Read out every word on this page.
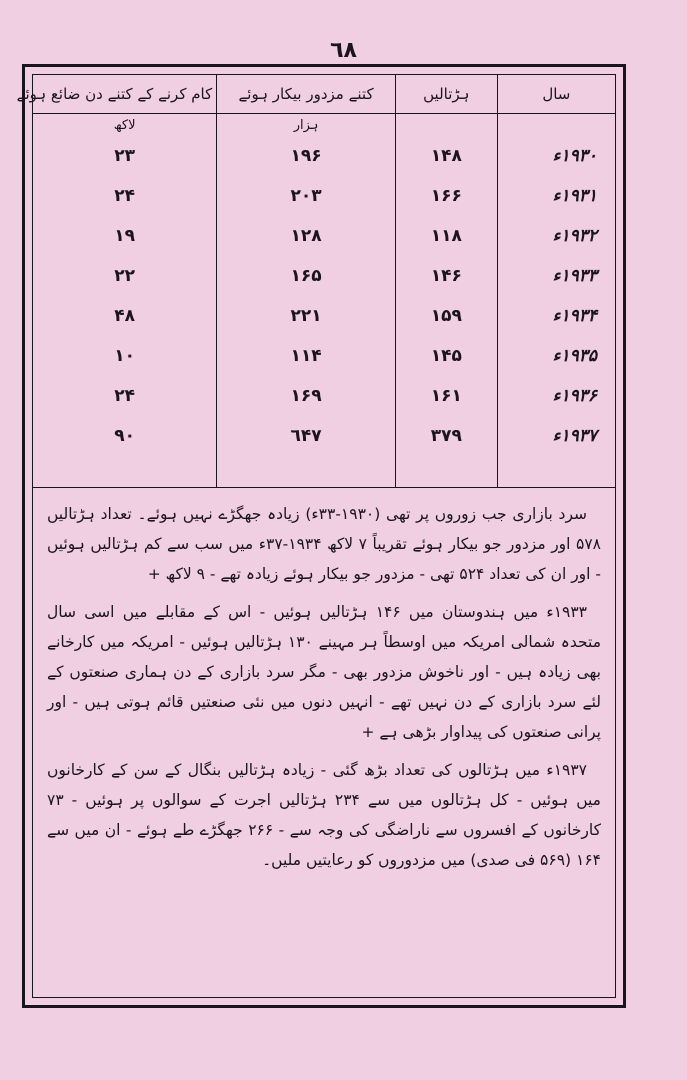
٦٨
سال	ہڑتالیں	کتنے مزدور بیکار ہوئے	کام کرنے کے کتنے دن ضائع ہوئے
		ہزار	لاکھ
۱۹۳۰ء	۱۴۸	۱۹۶	۲۳
۱۹۳۱ء	۱۶۶	۲۰۳	۲۴
۱۹۳۲ء	۱۱۸	۱۲۸	۱۹
۱۹۳۳ء	۱۴۶	۱۶۵	۲۲
۱۹۳۴ء	۱۵۹	۲۲۱	۴۸
۱۹۳۵ء	۱۴۵	۱۱۴	۱۰
۱۹۳۶ء	۱۶۱	۱۶۹	۲۴
۱۹۳۷ء	۳۷۹	٦۴۷	۹۰

سرد بازاری جب زوروں پر تھی (۱۹۳۰-۳۳ء) زیادہ جھگڑے نہیں ہوئے۔ تعداد ہڑتالیں ۵۷۸ اور مزدور جو بیکار ہوئے تقریباً ۷ لاکھ ۱۹۳۴-۳۷ء میں سب سے کم ہڑتالیں ہوئیں - اور ان کی تعداد ۵۲۴ تھی - مزدور جو بیکار ہوئے زیادہ تھے - ۹ لاکھ +

۱۹۳۳ء میں ہندوستان میں ۱۴۶ ہڑتالیں ہوئیں - اس کے مقابلے میں اسی سال متحدہ شمالی امریکہ میں اوسطاً ہر مہینے ۱۳۰ ہڑتالیں ہوئیں - امریکہ میں کارخانے بھی زیادہ ہیں - اور ناخوش مزدور بھی - مگر سرد بازاری کے دن ہماری صنعتوں کے لئے سرد بازاری کے دن نہیں تھے - انہیں دنوں میں نئی صنعتیں قائم ہوتی ہیں - اور پرانی صنعتوں کی پیداوار بڑھی ہے +

۱۹۳۷ء میں ہڑتالوں کی تعداد بڑھ گئی - زیادہ ہڑتالیں بنگال کے سن کے کارخانوں میں ہوئیں - کل ہڑتالوں میں سے ۲۳۴ ہڑتالیں اجرت کے سوالوں پر ہوئیں - ۷۳ کارخانوں کے افسروں سے ناراضگی کی وجہ سے - ۲۶۶ جھگڑے طے ہوئے - ان میں سے ۱۶۴ (۵۶۹ فی صدی) میں مزدوروں کو رعایتیں ملیں۔
